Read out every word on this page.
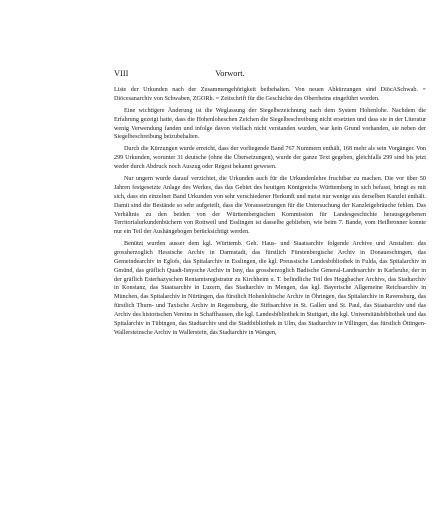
VIII	Vorwort.

Liste der Urkunden nach der Zusammengehörigkeit beibehalten. Von neuen Abkürzungen sind DiöcASchwab. = Diöcesanarchiv von Schwaben, ZGORh. = Zeitschrift für die Geschichte des Oberrheins eingeführt worden.

Eine wichtigere Änderung ist die Weglassung der Siegelbezeichnung nach dem System Hohenlohe. Nachdem die Erfahrung gezeigt hatte, dass die Hohenloheschen Zeichen die Siegelbeschreibung nicht ersetzten und dass sie in der Literatur wenig Verwendung fanden und infolge davon vielfach nicht verstanden wurden, war kein Grund vorhanden, sie neben der Siegelbeschreibung beizubehalten.

Durch die Kürzungen wurde erreicht, dass der vorliegende Band 767 Nummern enthält, 168 mehr als sein Vorgänger. Von 299 Urkunden, worunter 31 deutsche (ohne die Übersetzungen), wurde der ganze Text gegeben, gleichfalls 299 sind bis jetzt weder durch Abdruck noch Auszug oder Regest bekannt gewesen.

Nur ungern wurde darauf verzichtet, die Urkunden auch für die Urkundenlehre fruchtbar zu machen. Die vor über 50 Jahren festgesetzte Anlage des Werkes, das das Gebiet des heutigen Königreichs Württemberg in sich befasst, bringt es mit sich, dass ein einzelner Band Urkunden von sehr verschiedener Herkunft und meist nur wenige aus derselben Kanzlei enthält. Damit sind die Bestände so sehr aufgeteilt, dass die Voraussetzungen für die Untersuchung der Kanzleigebräuche fehlen. Das Verhältnis zu den beiden von der Württembergischen Kommission für Landesgeschichte herausgegebenen Territorialurkundenbüchern von Rottweil und Esslingen ist dasselbe geblieben, wie beim 7. Bande, vom Heilbronner konnte nur ein Teil der Aushängebogen berücksichtigt werden.

Benützt wurden ausser dem kgl. Württemb. Geh. Haus- und Staatsarchiv folgende Archive und Anstalten: das grossherzoglich Hessische Archiv in Darmstadt, das fürstlich Fürstenbergische Archiv in Donaueschingen, das Gemeindearchiv in Eglofs, das Spitalarchiv in Esslingen, die kgl. Preussische Landesbibliothek in Fulda, das Spitalarchiv in Gmünd, das gräflich Quadt-Isnysche Archiv in Isny, das grossherzoglich Badische General-Landesarchiv in Karlsruhe, der in der gräflich Esterhazyschen Rentamtsregistratur zu Kirchheim u. T. befindliche Teil des Heggbacher Archivs, das Stadtarchiv in Konstanz, das Staatsarchiv in Luzern, das Stadtarchiv in Mengen, das kgl. Bayerische Allgemeine Reichsarchiv in München, das Spitalarchiv in Nürtingen, das fürstlich Hohenlohische Archiv in Öhringen, das Spitalarchiv in Ravensburg, das fürstlich Thurn- und Taxische Archiv in Regensburg, die Stiftsarchive in St. Gallen und St. Paul, das Staatsarchiv und das Archiv des historischen Vereins in Schaffhausen, die kgl. Landesbibliothek in Stuttgart, die kgl. Universitätsbibliothek und das Spitalarchiv in Tübingen, das Stadtarchiv und die Stadtbibliothek in Ulm, das Stadtarchiv in Villingen, das fürstlich Öttingen-Wallersteinsche Archiv in Wallerstein, das Stadtarchiv in Wangen,
